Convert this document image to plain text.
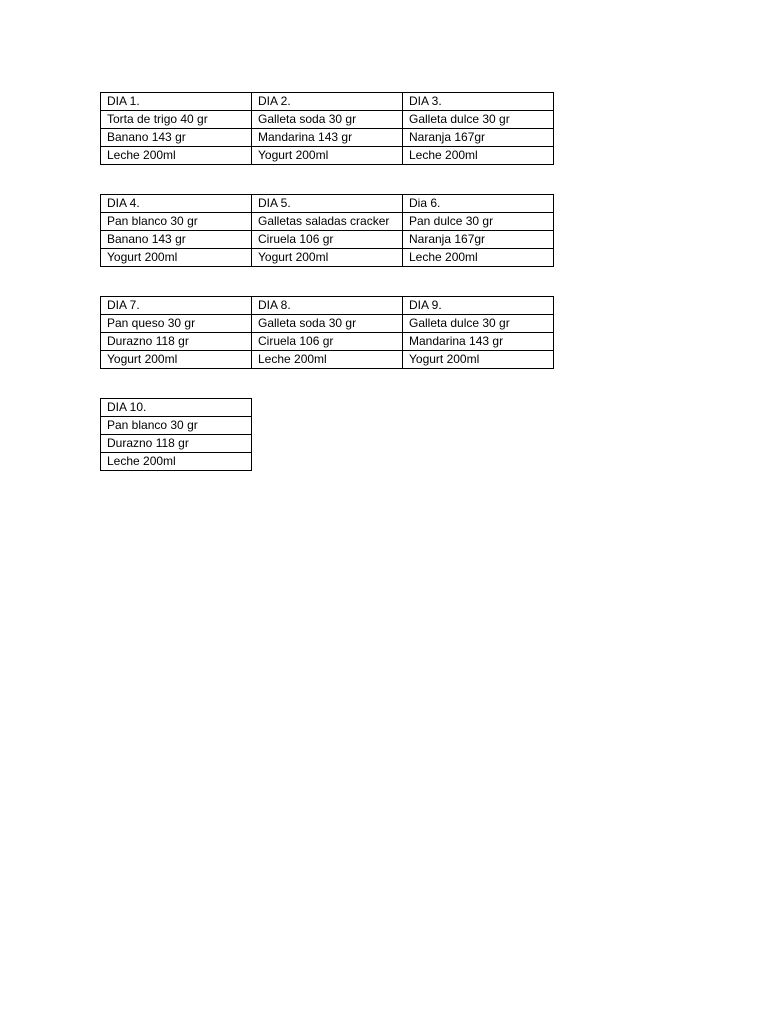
DIA 1.	DIA 2.	DIA 3.
Torta de trigo 40 gr	Galleta soda 30 gr	Galleta dulce 30 gr
Banano 143 gr	Mandarina 143 gr	Naranja 167gr
Leche 200ml	Yogurt 200ml	Leche 200ml
DIA 4.	DIA 5.	Dia 6.
Pan blanco 30 gr	Galletas saladas cracker	Pan dulce 30 gr
Banano 143 gr	Ciruela 106 gr	Naranja 167gr
Yogurt 200ml	Yogurt 200ml	Leche 200ml
DIA 7.	DIA 8.	DIA 9.
Pan queso 30 gr	Galleta soda 30 gr	Galleta dulce 30 gr
Durazno 118 gr	Ciruela 106 gr	Mandarina 143 gr
Yogurt 200ml	Leche 200ml	Yogurt 200ml
DIA 10.
Pan blanco 30 gr
Durazno 118 gr
Leche 200ml
